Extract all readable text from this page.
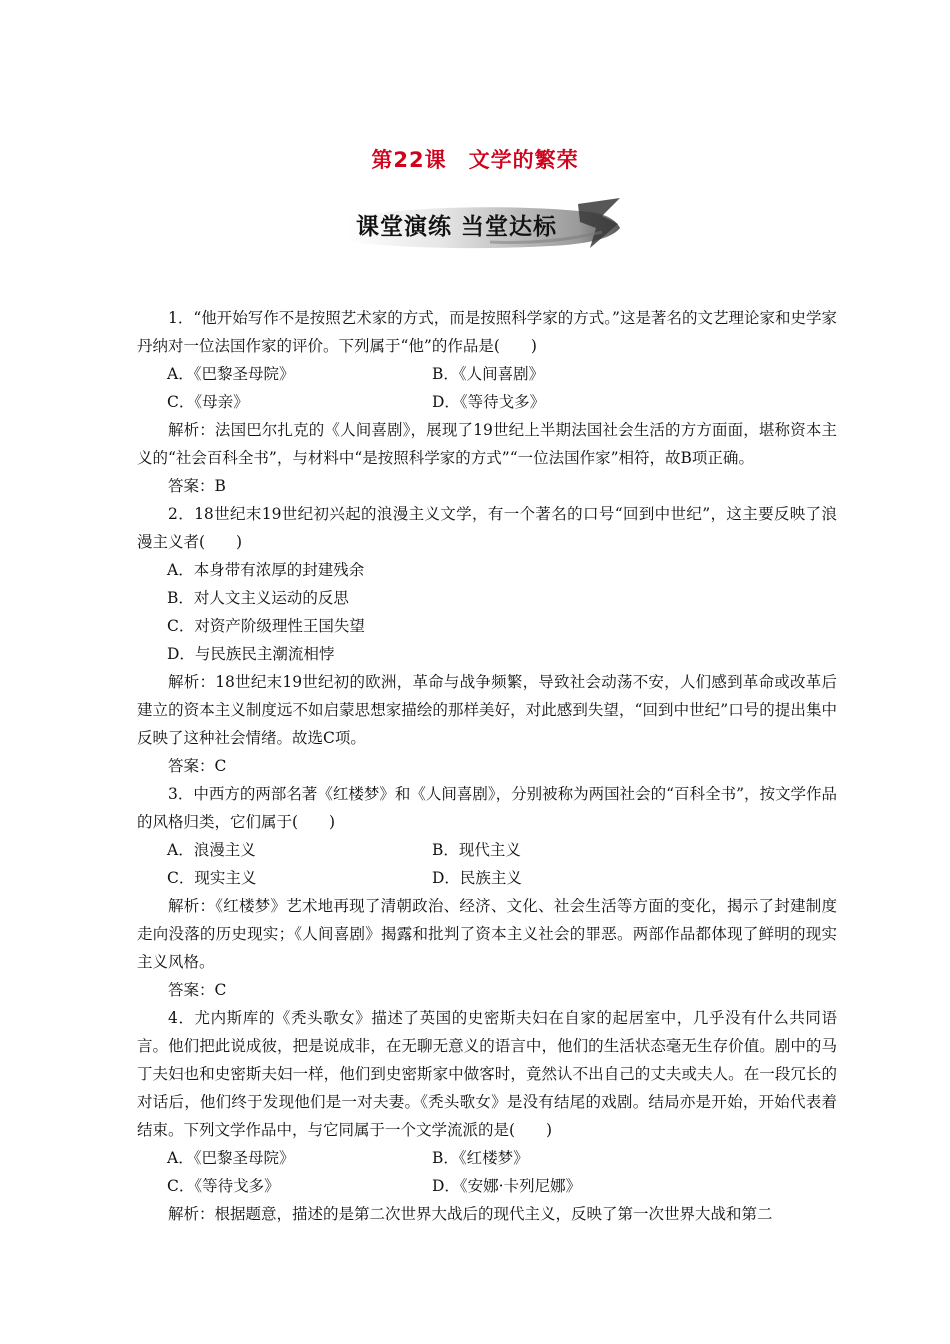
第22课　文学的繁荣
课堂演练 当堂达标

1．“他开始写作不是按照艺术家的方式，而是按照科学家的方式。”这是著名的文艺理论家和史学家丹纳对一位法国作家的评价。下列属于“他”的作品是(　　)

A．《巴黎圣母院》	B．《人间喜剧》
C．《母亲》	D．《等待戈多》

解析：法国巴尔扎克的《人间喜剧》，展现了19世纪上半期法国社会生活的方方面面，堪称资本主义的“社会百科全书”，与材料中“是按照科学家的方式”“一位法国作家”相符，故B项正确。

答案：B

2．18世纪末19世纪初兴起的浪漫主义文学，有一个著名的口号“回到中世纪”，这主要反映了浪漫主义者(　　)

A．本身带有浓厚的封建残余

B．对人文主义运动的反思

C．对资产阶级理性王国失望

D．与民族民主潮流相悖

解析：18世纪末19世纪初的欧洲，革命与战争频繁，导致社会动荡不安，人们感到革命或改革后建立的资本主义制度远不如启蒙思想家描绘的那样美好，对此感到失望，“回到中世纪”口号的提出集中反映了这种社会情绪。故选C项。

答案：C

3．中西方的两部名著《红楼梦》和《人间喜剧》，分别被称为两国社会的“百科全书”，按文学作品的风格归类，它们属于(　　)

A．浪漫主义	B．现代主义
C．现实主义	D．民族主义

解析：《红楼梦》艺术地再现了清朝政治、经济、文化、社会生活等方面的变化，揭示了封建制度走向没落的历史现实；《人间喜剧》揭露和批判了资本主义社会的罪恶。两部作品都体现了鲜明的现实主义风格。

答案：C

4．尤内斯库的《秃头歌女》描述了英国的史密斯夫妇在自家的起居室中，几乎没有什么共同语言。他们把此说成彼，把是说成非，在无聊无意义的语言中，他们的生活状态毫无生存价值。剧中的马丁夫妇也和史密斯夫妇一样，他们到史密斯家中做客时，竟然认不出自己的丈夫或夫人。在一段冗长的对话后，他们终于发现他们是一对夫妻。《秃头歌女》是没有结尾的戏剧。结局亦是开始，开始代表着结束。下列文学作品中，与它同属于一个文学流派的是(　　)

A．《巴黎圣母院》	B．《红楼梦》
C．《等待戈多》	D．《安娜·卡列尼娜》

解析：根据题意，描述的是第二次世界大战后的现代主义，反映了第一次世界大战和第二
